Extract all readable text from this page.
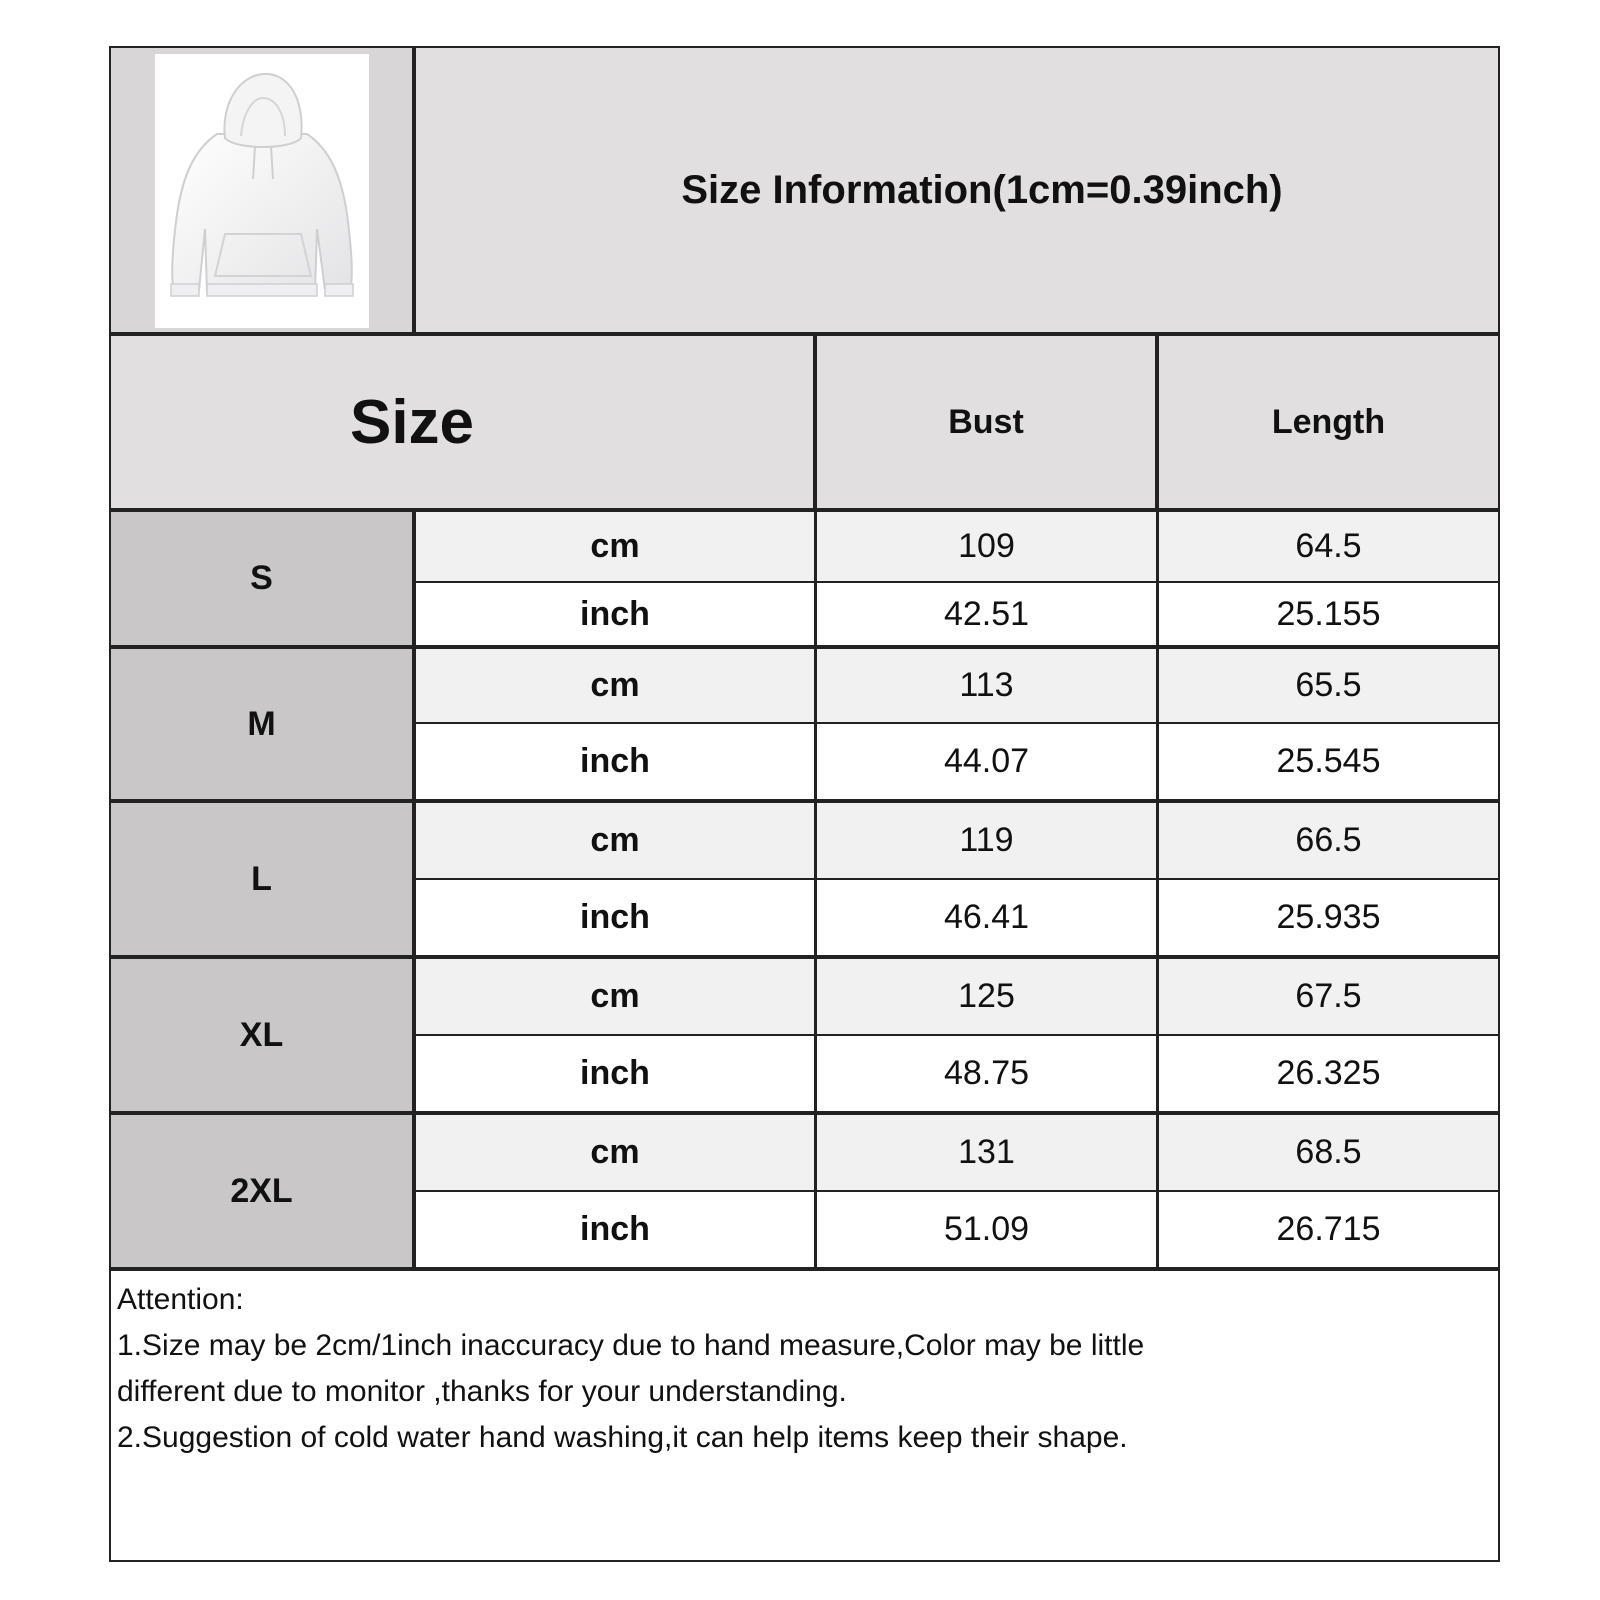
Size Information(1cm=0.39inch)
Size	Bust	Length
S
cm	109	64.5
inch	42.51	25.155
M
cm	113	65.5
inch	44.07	25.545
L
cm	119	66.5
inch	46.41	25.935
XL
cm	125	67.5
inch	48.75	26.325
2XL
cm	131	68.5
inch	51.09	26.715

Attention:

1.Size may be 2cm/1inch inaccuracy due to hand measure,Color may be little

different due to monitor ,thanks for your understanding.

2.Suggestion of cold water hand washing,it can help items keep their shape.
